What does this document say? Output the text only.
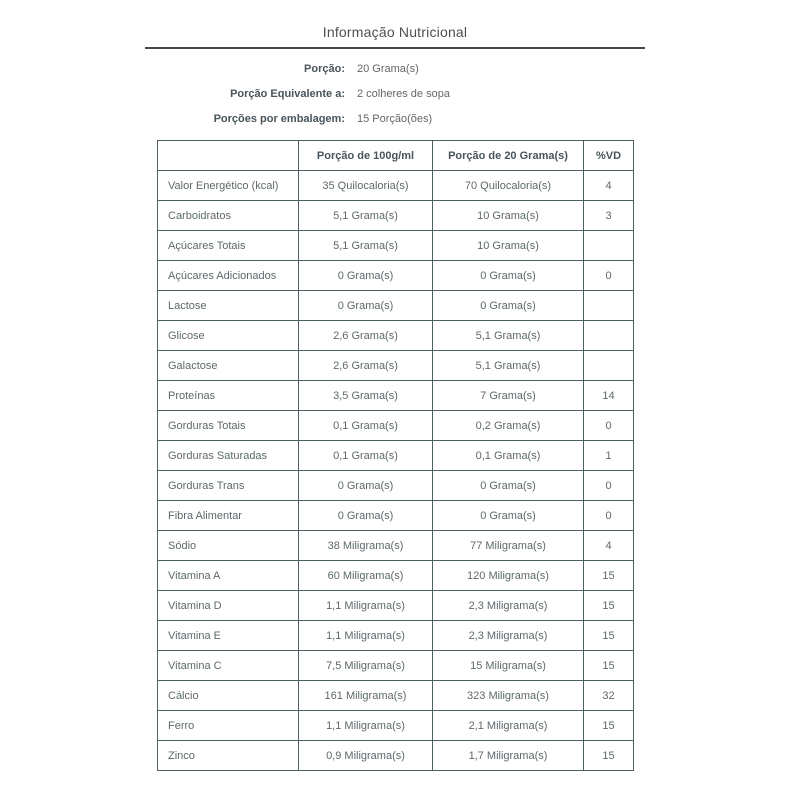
Informação Nutricional
Porção: 20 Grama(s)
Porção Equivalente a: 2 colheres de sopa
Porções por embalagem: 15 Porção(ões)
	Porção de 100g/ml	Porção de 20 Grama(s)	%VD
Valor Energético (kcal)	35 Quilocaloria(s)	70 Quilocaloria(s)	4
Carboidratos	5,1 Grama(s)	10 Grama(s)	3
Açúcares Totais	5,1 Grama(s)	10 Grama(s)	
Açúcares Adicionados	0 Grama(s)	0 Grama(s)	0
Lactose	0 Grama(s)	0 Grama(s)	
Glicose	2,6 Grama(s)	5,1 Grama(s)	
Galactose	2,6 Grama(s)	5,1 Grama(s)	
Proteínas	3,5 Grama(s)	7 Grama(s)	14
Gorduras Totais	0,1 Grama(s)	0,2 Grama(s)	0
Gorduras Saturadas	0,1 Grama(s)	0,1 Grama(s)	1
Gorduras Trans	0 Grama(s)	0 Grama(s)	0
Fibra Alimentar	0 Grama(s)	0 Grama(s)	0
Sódio	38 Miligrama(s)	77 Miligrama(s)	4
Vitamina A	60 Miligrama(s)	120 Miligrama(s)	15
Vitamina D	1,1 Miligrama(s)	2,3 Miligrama(s)	15
Vitamina E	1,1 Miligrama(s)	2,3 Miligrama(s)	15
Vitamina C	7,5 Miligrama(s)	15 Miligrama(s)	15
Cálcio	161 Miligrama(s)	323 Miligrama(s)	32
Ferro	1,1 Miligrama(s)	2,1 Miligrama(s)	15
Zinco	0,9 Miligrama(s)	1,7 Miligrama(s)	15
